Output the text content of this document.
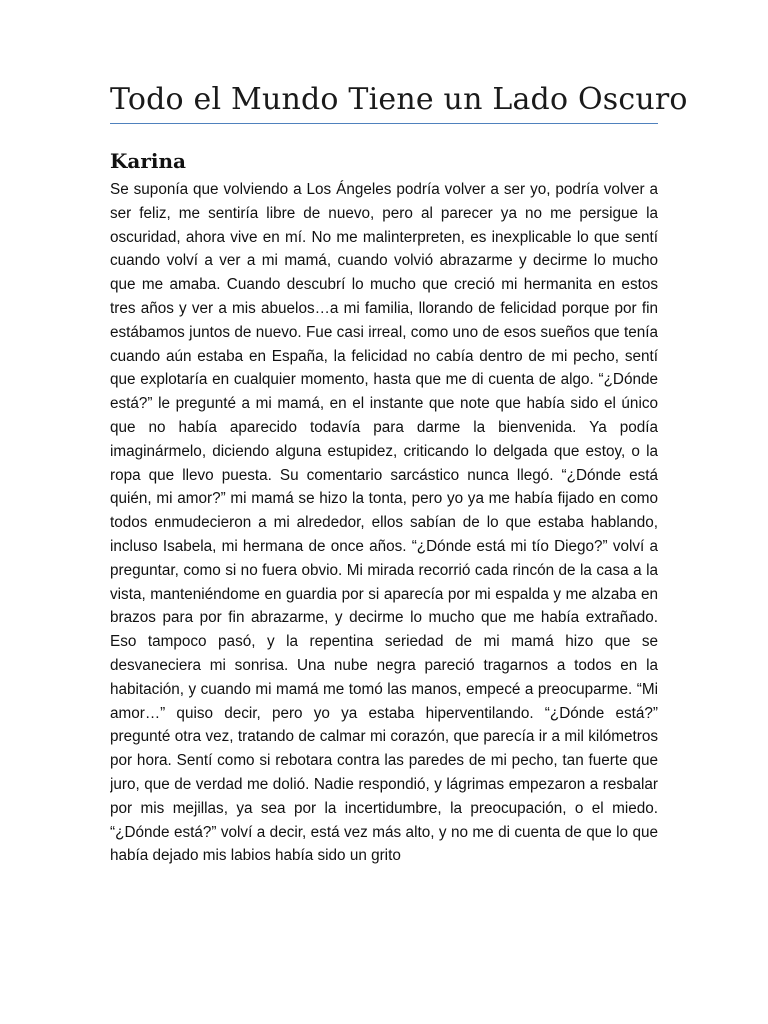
Todo el Mundo Tiene un Lado Oscuro
Karina

Se suponía que volviendo a Los Ángeles podría volver a ser yo, podría volver a ser feliz, me sentiría libre de nuevo, pero al parecer ya no me persigue la oscuridad, ahora vive en mí. No me malinterpreten, es inexplicable lo que sentí cuando volví a ver a mi mamá, cuando volvió abrazarme y decirme lo mucho que me amaba. Cuando descubrí lo mucho que creció mi hermanita en estos tres años y ver a mis abuelos…a mi familia, llorando de felicidad porque por fin estábamos juntos de nuevo. Fue casi irreal, como uno de esos sueños que tenía cuando aún estaba en España, la felicidad no cabía dentro de mi pecho, sentí que explotaría en cualquier momento, hasta que me di cuenta de algo. “¿Dónde está?” le pregunté a mi mamá, en el instante que note que había sido el único que no había aparecido todavía para darme la bienvenida. Ya podía imaginármelo, diciendo alguna estupidez, criticando lo delgada que estoy, o la ropa que llevo puesta. Su comentario sarcástico nunca llegó. “¿Dónde está quién, mi amor?” mi mamá se hizo la tonta, pero yo ya me había fijado en como todos enmudecieron a mi alrededor, ellos sabían de lo que estaba hablando, incluso Isabela, mi hermana de once años. “¿Dónde está mi tío Diego?” volví a preguntar, como si no fuera obvio. Mi mirada recorrió cada rincón de la casa a la vista, manteniéndome en guardia por si aparecía por mi espalda y me alzaba en brazos para por fin abrazarme, y decirme lo mucho que me había extrañado. Eso tampoco pasó, y la repentina seriedad de mi mamá hizo que se desvaneciera mi sonrisa. Una nube negra pareció tragarnos a todos en la habitación, y cuando mi mamá me tomó las manos, empecé a preocuparme. “Mi amor…” quiso decir, pero yo ya estaba hiperventilando. “¿Dónde está?” pregunté otra vez, tratando de calmar mi corazón, que parecía ir a mil kilómetros por hora. Sentí como si rebotara contra las paredes de mi pecho, tan fuerte que juro, que de verdad me dolió. Nadie respondió, y lágrimas empezaron a resbalar por mis mejillas, ya sea por la incertidumbre, la preocupación, o el miedo. “¿Dónde está?” volví a decir, está vez más alto, y no me di cuenta de que lo que había dejado mis labios había sido un grito
